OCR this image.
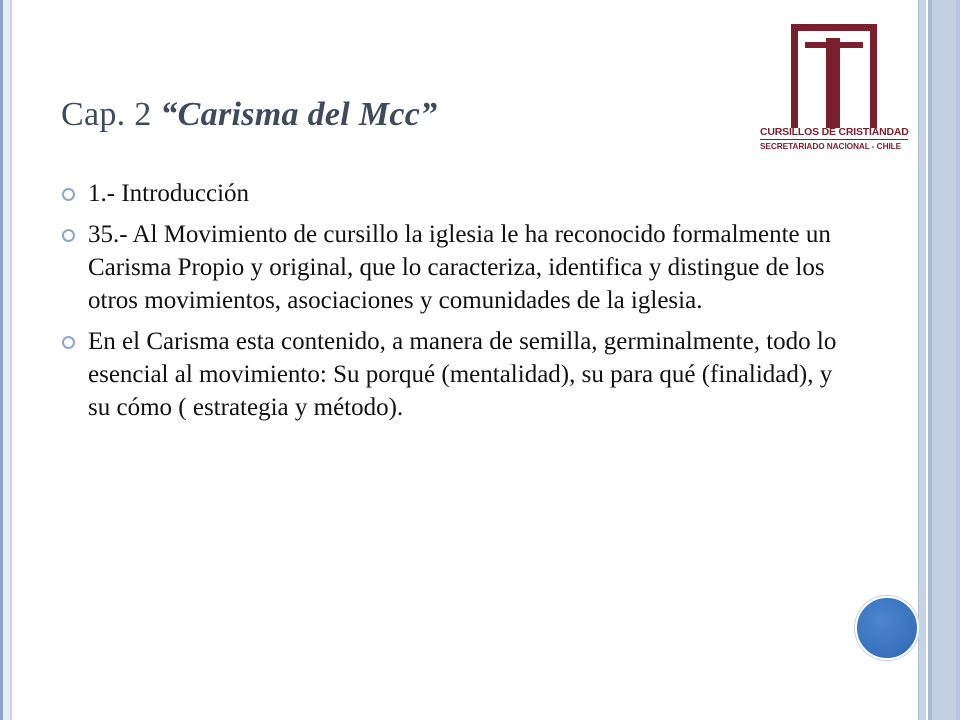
CURSILLOS DE CRISTIANDAD
SECRETARIADO NACIONAL - CHILE
Cap. 2 “Carisma del Mcc”
1.- Introducción
35.- Al Movimiento de cursillo la iglesia le ha reconocido formalmente un Carisma Propio y original, que lo caracteriza, identifica y distingue de los otros movimientos, asociaciones y comunidades de la iglesia.
En el Carisma esta contenido, a manera de semilla, germinalmente, todo lo esencial al movimiento: Su porqué (mentalidad), su para qué (finalidad), y su cómo ( estrategia y método).
